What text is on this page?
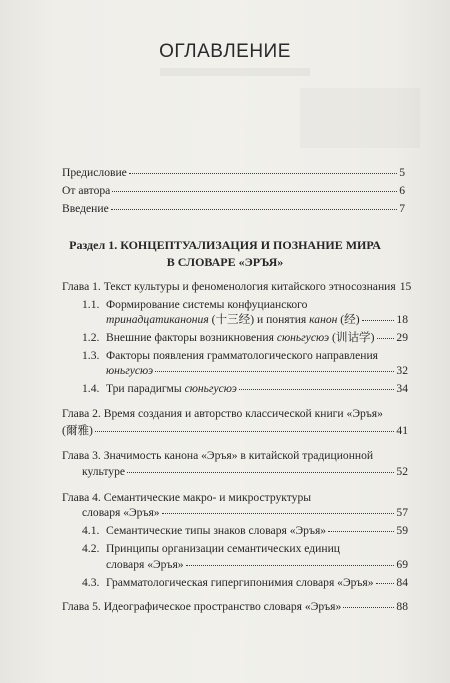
ОГЛАВЛЕНИЕ
Предисловие	5
От автора	6
Введение	7
Раздел 1. КОНЦЕПТУАЛИЗАЦИЯ И ПОЗНАНИЕ МИРА
В СЛОВАРЕ «ЭРЪЯ»
Глава 1. Текст культуры и феноменология китайского этносознания 15
1.1. Формирование системы конфуцианского
тринадцатиканония (十三经) и понятия канон (经)	18
1.2. Внешние факторы возникновения сюньгусюэ (训诂学) 29
1.3. Факторы появления грамматологического направления
юньгусюэ	32
1.4. Три парадигмы сюньгусюэ	34
Глава 2. Время создания и авторство классической книги «Эръя»
(爾雅)	41
Глава 3. Значимость канона «Эръя» в китайской традиционной
культуре	52
Глава 4. Семантические макро- и микроструктуры
словаря «Эръя»	57
4.1. Семантические типы знаков словаря «Эръя»	59
4.2. Принципы организации семантических единиц
словаря «Эръя»	69
4.3. Грамматологическая гипергипонимия словаря «Эръя» 84
Глава 5. Идеографическое пространство словаря «Эръя»	88
